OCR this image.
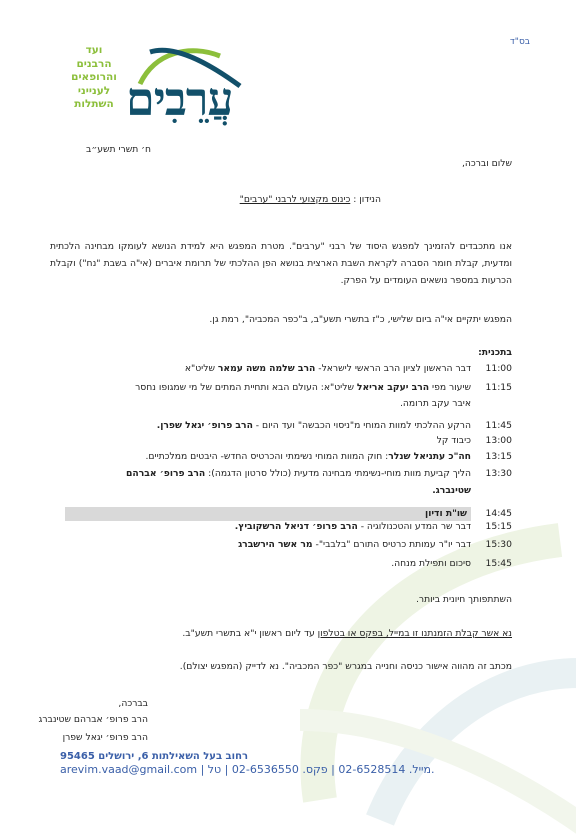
בס"ד
ועד
הרבנים
והרופאים
לענייני
השתלות עֲרֵבִים
ח׳ תשרי תשע״ב
שלום וברכה,
הנידון : כינוס מקצועי לרבני "ערבים"
אנו מתכבדים להזמינך למפגש היסוד של רבני "ערבים". מטרת המפגש היא למידת הנושא לעומקו מבחינה הלכתית ומדעית, קבלת חומר הסברה לקראת השבת הארצית בנושא הפן ההלכתי של תרומת איברים (אי"ה בשבת "נח") וקבלת הכרעות במספר נושאים העומדים על הפרק.
המפגש יתקיים אי"ה ביום שלישי, כ"ז בתשרי תשע"ב, ב"כפר המכביה", רמת גן.
בתכנית:
11:00
דבר הראשון לציון הרב הראשי לישראל- הרב שלמה משה עמאר שליט"א
11:15
שיעור מפי הרב יעקב אריאל שליט"א: העולם הבא ותחיית המתים של מי שמגופו נחסר
איבר עקב תרומה.
11:45
הרקע ההלכתי למוות המוחי מ"ניסוי הכבשה" ועד היום - הרב פרופ׳ יגאל שפרן.
13:00
כיבוד קל
13:15
חה"כ עתניאל שנלר: חוק המוות המוחי נשימתי והכרטיס החדש- היבטים ממלכתיים.
13:30
הליך קביעת מוות מוחי-נשימתי מבחינה מדעית (כולל סרטון הדגמה): הרב פרופ׳ אברהם
שטינברג.
14:45
שו"ת ודיון
15:15
דבר שר המדע והטכנולוגיה - הרב פרופ׳ דניאל הרשקוביץ.
15:30
דבר יו"ר עמותת כרטיס התורם "בלבבי"- מר אשר הירשברג
15:45
סיכום ותפילת מנחה.
השתתפותך חיונית ביותר.
נא אשר קבלת הזמנתנו זו במייל, בפקס או בטלפון עד ליום ראשון י"א בתשרי תשע"ב.
מכתב זה מהווה אישור כניסה וחנייה במגרש "כפר המכביה". נא לדייק (המפגש יצולם).
בברכה,
הרב פרופ׳ אברהם שטינברג
הרב פרופ׳ יגאל שפרן
רחוב בעל השאילתות 6, ירושלים 95465
arevim.vaad@gmail.com | מייל. 02-6528514 | פקס. 02-6536550 | טל.
